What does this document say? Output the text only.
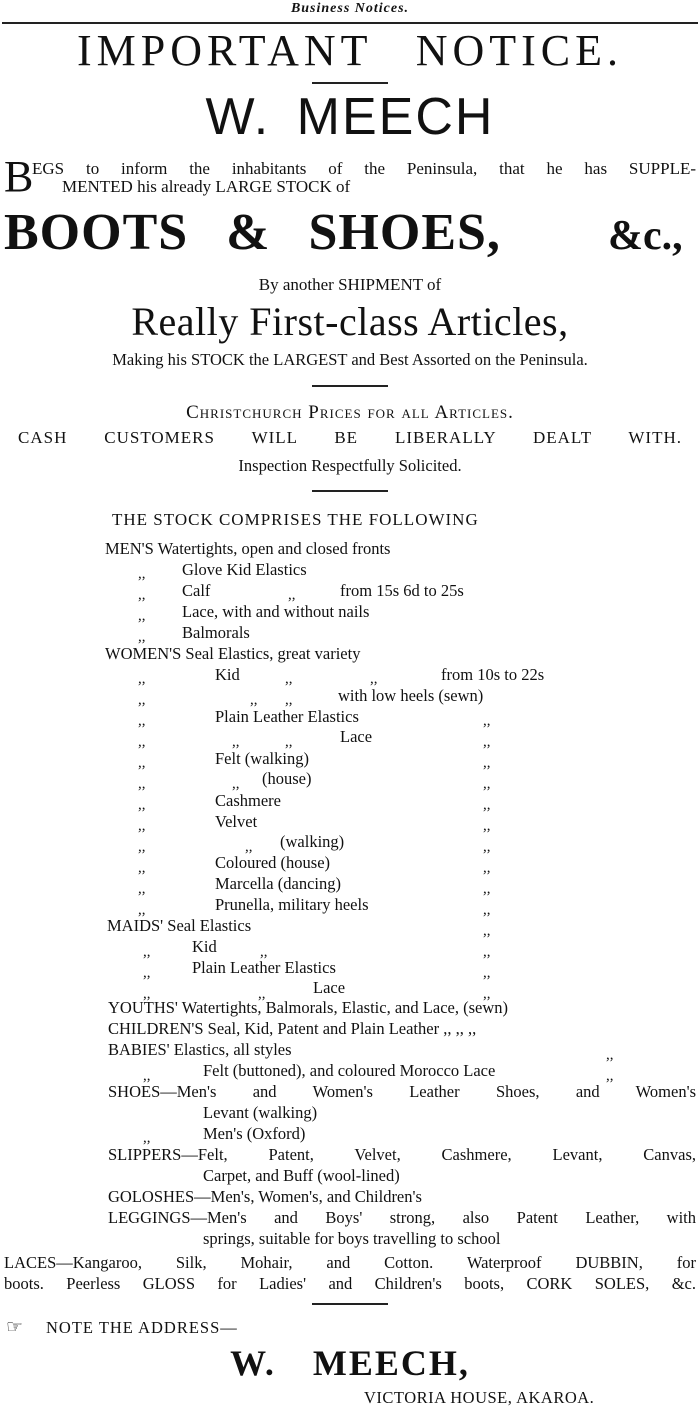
Business Notices.
IMPORTANT NOTICE.
W. MEECH
B
EGS to inform the inhabitants of the Peninsula, that he has SUPPLE-
MENTED his already LARGE STOCK of
BOOTS & SHOES,	&c.,
By another SHIPMENT of
Really First-class Articles,
Making his STOCK the LARGEST and Best Assorted on the Peninsula.
Christchurch Prices for all Articles.
CASH CUSTOMERS WILL BE LIBERALLY DEALT WITH.
Inspection Respectfully Solicited.
THE STOCK COMPRISES THE FOLLOWING
MEN'S Watertights, open and closed fronts
,, Glove Kid Elastics
,, Calf	,,	from 15s 6d to 25s
,, Lace, with and without nails
,, Balmorals
WOMEN'S Seal Elastics, great variety
,,	Kid	,,	,,	from 10s to 22s
,,	,, ,,	with low heels (sewn)
,,	Plain Leather Elastics	,,
,,	,,	,,	Lace	,,
,,	Felt (walking)	,,
,,	,, (house)	,,
,,	Cashmere	,,
,,	Velvet	,,
,,	,, (walking)	,,
,,	Coloured (house)	,,
,,	Marcella (dancing)	,,
,,	Prunella, military heels	,,
MAIDS' Seal Elastics	,,
,,	Kid	,,	,,
,,	Plain Leather Elastics	,,
,,	,,	Lace	,,
YOUTHS' Watertights, Balmorals, Elastic, and Lace, (sewn)
CHILDREN'S Seal, Kid, Patent and Plain Leather ,, ,, ,,
BABIES' Elastics, all styles	,,
,,	Felt (buttoned), and coloured Morocco Lace	,,
SHOES—Men's and Women's Leather Shoes, and Women's
Levant (walking)
,,	Men's (Oxford)
SLIPPERS—Felt, Patent, Velvet, Cashmere, Levant, Canvas,
Carpet, and Buff (wool-lined)
GOLOSHES—Men's, Women's, and Children's
LEGGINGS—Men's and Boys' strong, also Patent Leather, with
springs, suitable for boys travelling to school
LACES—Kangaroo, Silk, Mohair, and Cotton. Waterproof DUBBIN, for
boots. Peerless GLOSS for Ladies' and Children's boots, CORK SOLES, &c.
☞ NOTE THE ADDRESS—
W. MEECH,
VICTORIA HOUSE, AKAROA.
